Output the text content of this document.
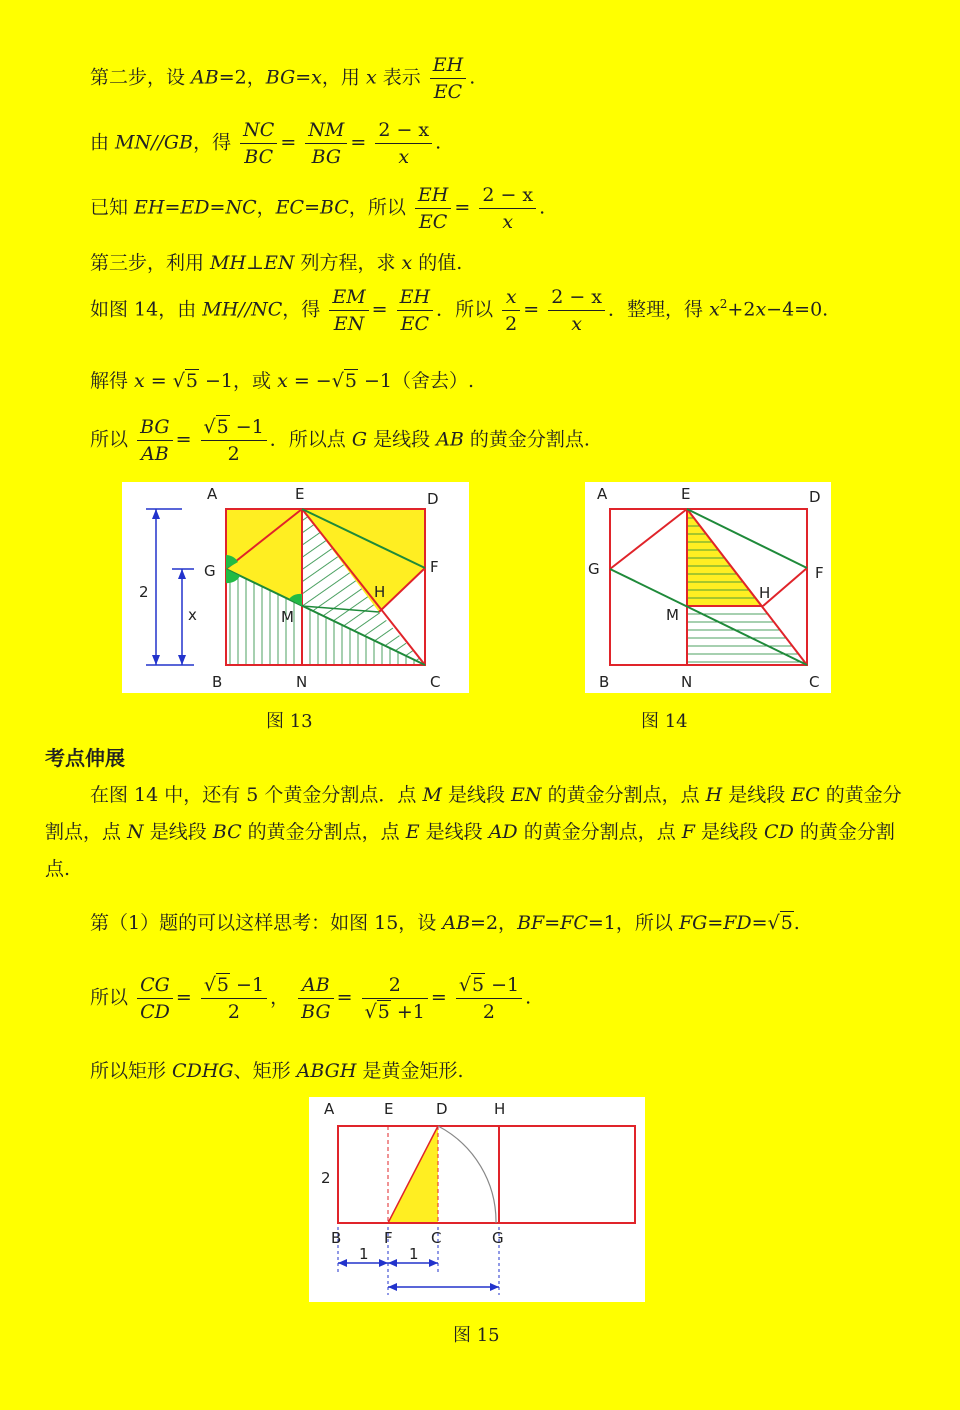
第二步，设 AB=2，BG=x，用 x 表示 $\frac{EH}{EC}$ .
由 MN//GB，得 $\frac{NC}{BC} = \frac{NM}{BG} = \frac{2 - x}{x}$ .
已知 EH=ED=NC，EC=BC，所以 $\frac{EH}{EC} = \frac{2 - x}{x}$ .
第三步，利用 MH⊥EN 列方程，求 x 的值.
如图 14，由 MH//NC，得 $\frac{EM}{EN} = \frac{EH}{EC}$ ．所以 $\frac{x}{2} = \frac{2 - x}{x}$ ．整理，得 $x^2+2x-4=0$.
解得 x = √5 −1，或 x = −√5 −1（舍去）.
所以 $\frac{BG}{AB} = \frac{√5 -1}{2}$ ．所以点 G 是线段 AB 的黄金分割点.
2
x
A	E	D
G	F
H
M
B	N	C
图 13
A	E	D
G	F
H
M
B	N	C
图 14
考点伸展
在图 14 中，还有 5 个黄金分割点．点 M 是线段 EN 的黄金分割点，点 H 是线段 EC 的黄金分割点，点 N 是线段 BC 的黄金分割点，点 E 是线段 AD 的黄金分割点，点 F 是线段 CD 的黄金分割点.
第（1）题的可以这样思考：如图 15，设 AB=2，BF=FC=1，所以 FG=FD=√5.
所以 $\frac{CG}{CD} = \frac{√5 -1}{2}$ ， $\frac{AB}{BG} = \frac{2}{√5 +1} = \frac{√5 -1}{2}$ .
所以矩形 CDHG、矩形 ABGH 是黄金矩形.
1	1
2
A	E	D	H
B	F	C	G
图 15
